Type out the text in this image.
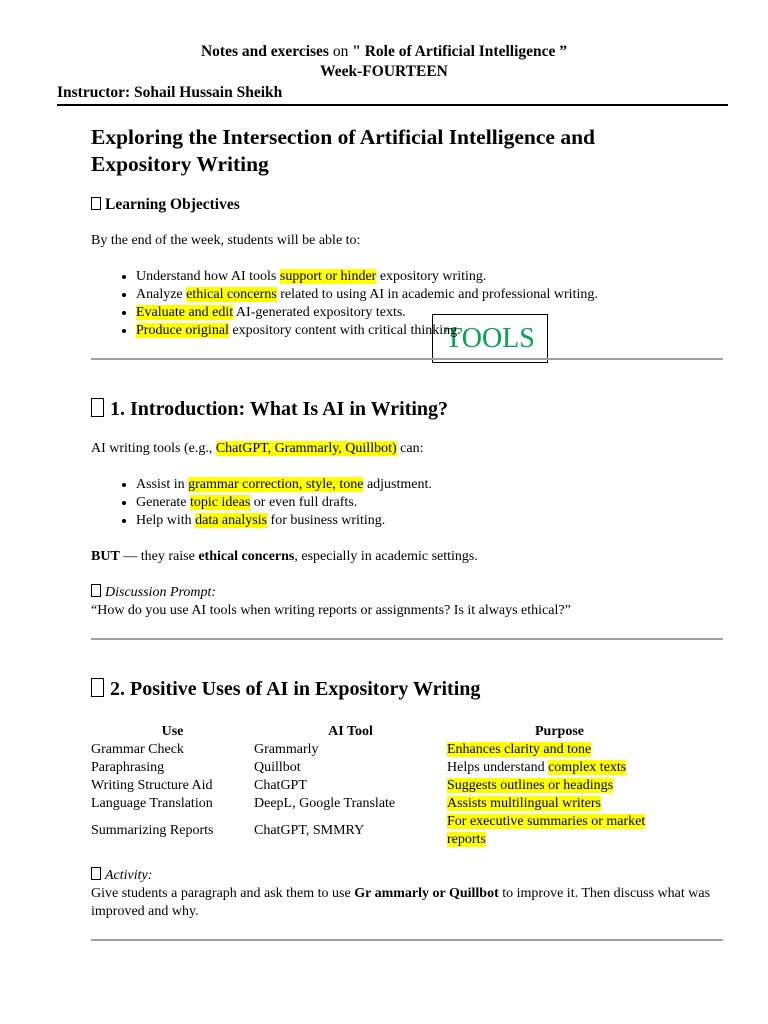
Notes and exercises on " Role of Artificial Intelligence ”
Week-FOURTEEN
Instructor: Sohail Hussain Sheikh
TOOLS
Exploring the Intersection of Artificial Intelligence and Expository Writing
Learning Objectives

By the end of the week, students will be able to:

• Understand how AI tools support or hinder expository writing.
• Analyze ethical concerns related to using AI in academic and professional writing.
• Evaluate and edit AI-generated expository texts.
• Produce original expository content with critical thinking.
1. Introduction: What Is AI in Writing?

AI writing tools (e.g., ChatGPT, Grammarly, Quillbot) can:

• Assist in grammar correction, style, tone adjustment.
• Generate topic ideas or even full drafts.
• Help with data analysis for business writing.

BUT — they raise ethical concerns, especially in academic settings.

Discussion Prompt:

“How do you use AI tools when writing reports or assignments? Is it always ethical?”

2. Positive Uses of AI in Expository Writing
Use	AI Tool	Purpose
Grammar Check	Grammarly	Enhances clarity and tone
Paraphrasing	Quillbot	Helps understand complex texts
Writing Structure Aid	ChatGPT	Suggests outlines or headings
Language Translation	DeepL, Google Translate	Assists multilingual writers
Summarizing Reports	ChatGPT, SMMRY	For executive summaries or market reports

Activity:

Give students a paragraph and ask them to use Gr ammarly or Quillbot to improve it. Then discuss what was improved and why.
